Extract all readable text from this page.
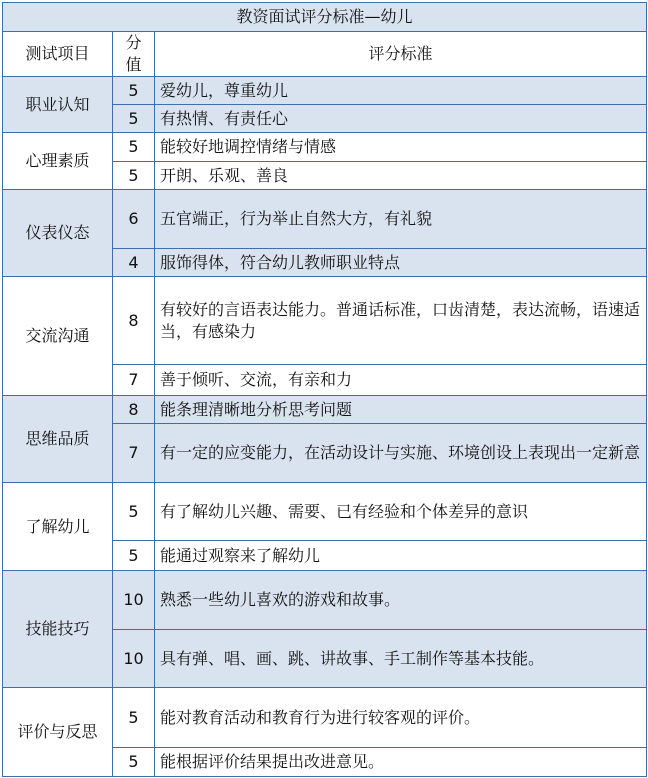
教资面试评分标准—幼儿		
测试项目	分值	评分标准
职业认知	5	爱幼儿，尊重幼儿
	5	有热情、有责任心
心理素质	5	能较好地调控情绪与情感
	5	开朗、乐观、善良
仪表仪态	6	五官端正，行为举止自然大方，有礼貌
	4	服饰得体，符合幼儿教师职业特点
交流沟通	8	有较好的言语表达能力。普通话标准，口齿清楚，表达流畅，语速适当，有感染力
	7	善于倾听、交流，有亲和力
思维品质	8	能条理清晰地分析思考问题
	7	有一定的应变能力，在活动设计与实施、环境创设上表现出一定新意
了解幼儿	5	有了解幼儿兴趣、需要、已有经验和个体差异的意识
	5	能通过观察来了解幼儿
技能技巧	10	熟悉一些幼儿喜欢的游戏和故事。
	10	具有弹、唱、画、跳、讲故事、手工制作等基本技能。
评价与反思	5	能对教育活动和教育行为进行较客观的评价。
	5	能根据评价结果提出改进意见。
